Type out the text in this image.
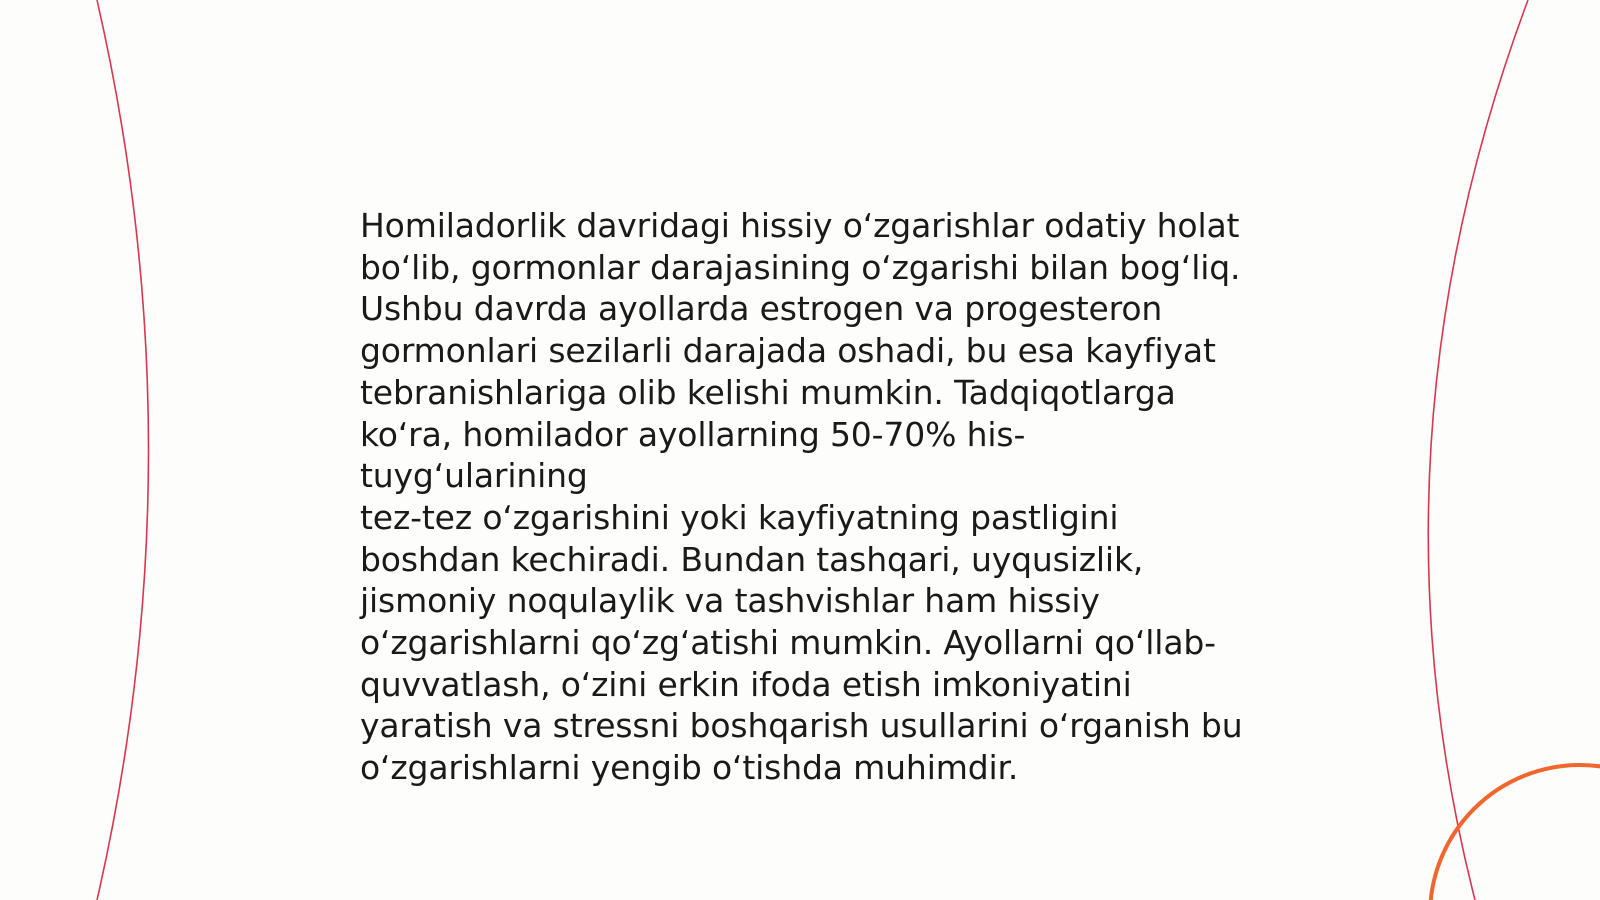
Homiladorlik davridagi hissiy o‘zgarishlar odatiy holat
bo‘lib, gormonlar darajasining o‘zgarishi bilan bog‘liq.
Ushbu davrda ayollarda estrogen va progesteron
gormonlari sezilarli darajada oshadi, bu esa kayfiyat
tebranishlariga olib kelishi mumkin. Tadqiqotlarga
ko‘ra, homilador ayollarning 50-70% his-tuyg‘ularining
tez-tez o‘zgarishini yoki kayfiyatning pastligini
boshdan kechiradi. Bundan tashqari, uyqusizlik,
jismoniy noqulaylik va tashvishlar ham hissiy
o‘zgarishlarni qo‘zg‘atishi mumkin. Ayollarni qo‘llab-
quvvatlash, o‘zini erkin ifoda etish imkoniyatini
yaratish va stressni boshqarish usullarini o‘rganish bu
o‘zgarishlarni yengib o‘tishda muhimdir.
